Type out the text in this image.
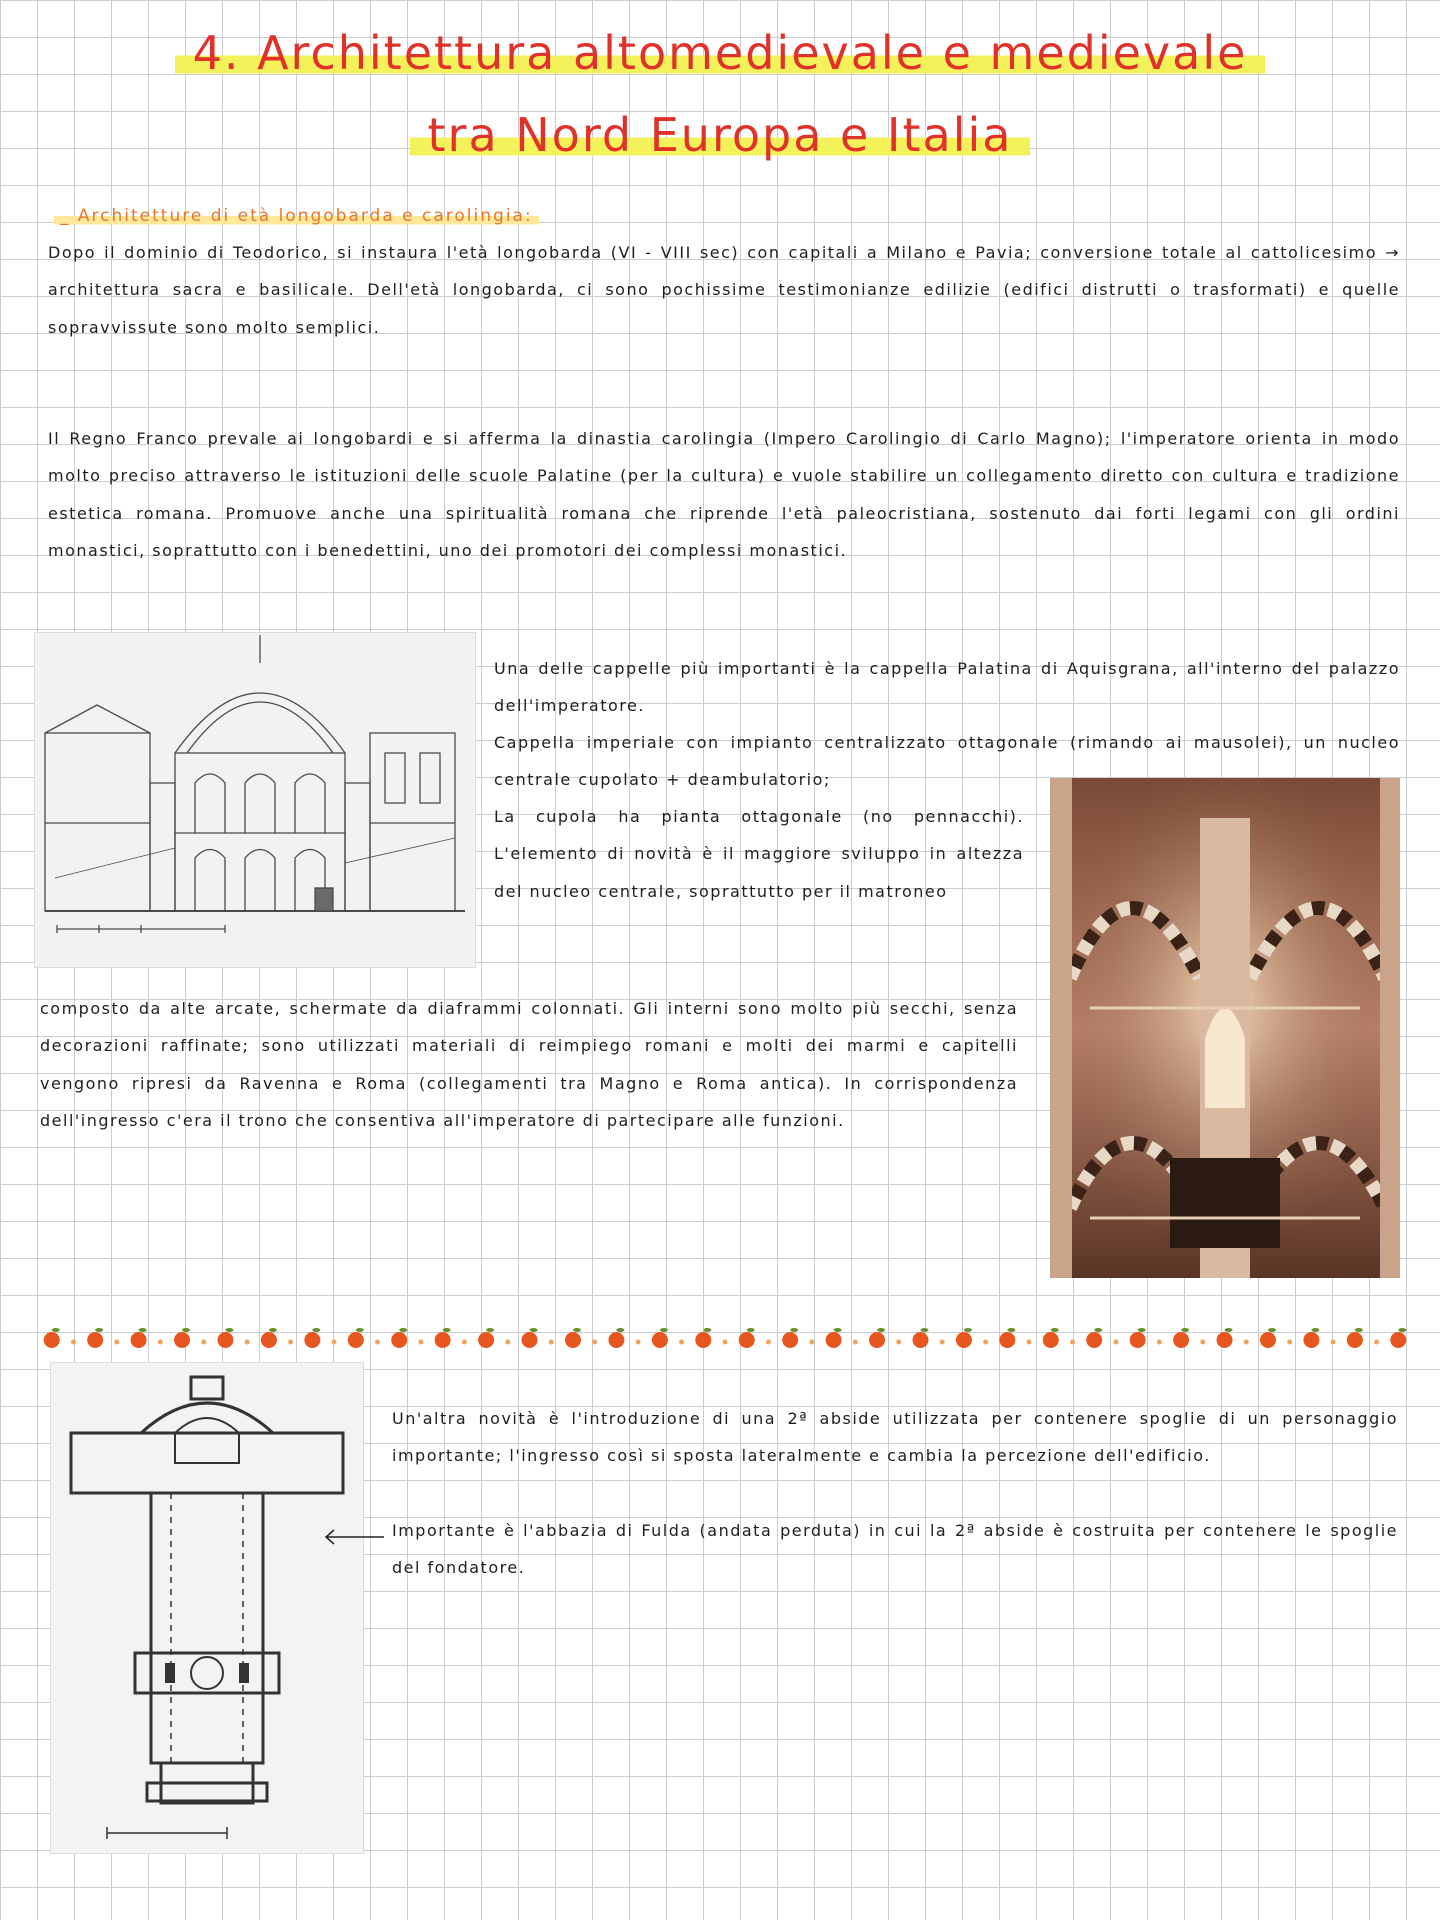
4. Architettura altomedievale e medievale
tra Nord Europa e Italia
_ Architetture di età longobarda e carolingia:
Dopo il dominio di Teodorico, si instaura l'età longobarda (VI - VIII sec) con capitali a Milano e Pavia; conversione totale al cattolicesimo → architettura sacra e basilicale. Dell'età longobarda, ci sono pochissime testimonianze edilizie (edifici distrutti o trasformati) e quelle sopravvissute sono molto semplici.
Il Regno Franco prevale ai longobardi e si afferma la dinastia carolingia (Impero Carolingio di Carlo Magno); l'imperatore orienta in modo molto preciso attraverso le istituzioni delle scuole Palatine (per la cultura) e vuole stabilire un collegamento diretto con cultura e tradizione estetica romana. Promuove anche una spiritualità romana che riprende l'età paleocristiana, sostenuto dai forti legami con gli ordini monastici, soprattutto con i benedettini, uno dei promotori dei complessi monastici.
Una delle cappelle più importanti è la cappella Palatina di Aquisgrana, all'interno del palazzo dell'imperatore.
Cappella imperiale con impianto centralizzato ottagonale (rimando ai mausolei), un nucleo centrale cupolato + deambulatorio;
La cupola ha pianta ottagonale (no pennacchi). L'elemento di novità è il maggiore sviluppo in altezza del nucleo centrale, soprattutto per il matroneo
composto da alte arcate, schermate da diaframmi colonnati. Gli interni sono molto più secchi, senza decorazioni raffinate; sono utilizzati materiali di reimpiego romani e molti dei marmi e capitelli vengono ripresi da Ravenna e Roma (collegamenti tra Magno e Roma antica). In corrispondenza dell'ingresso c'era il trono che consentiva all'imperatore di partecipare alle funzioni.
Un'altra novità è l'introduzione di una 2ª abside utilizzata per contenere spoglie di un personaggio importante; l'ingresso così si sposta lateralmente e cambia la percezione dell'edificio.
Importante è l'abbazia di Fulda (andata perduta) in cui la 2ª abside è costruita per contenere le spoglie del fondatore.
